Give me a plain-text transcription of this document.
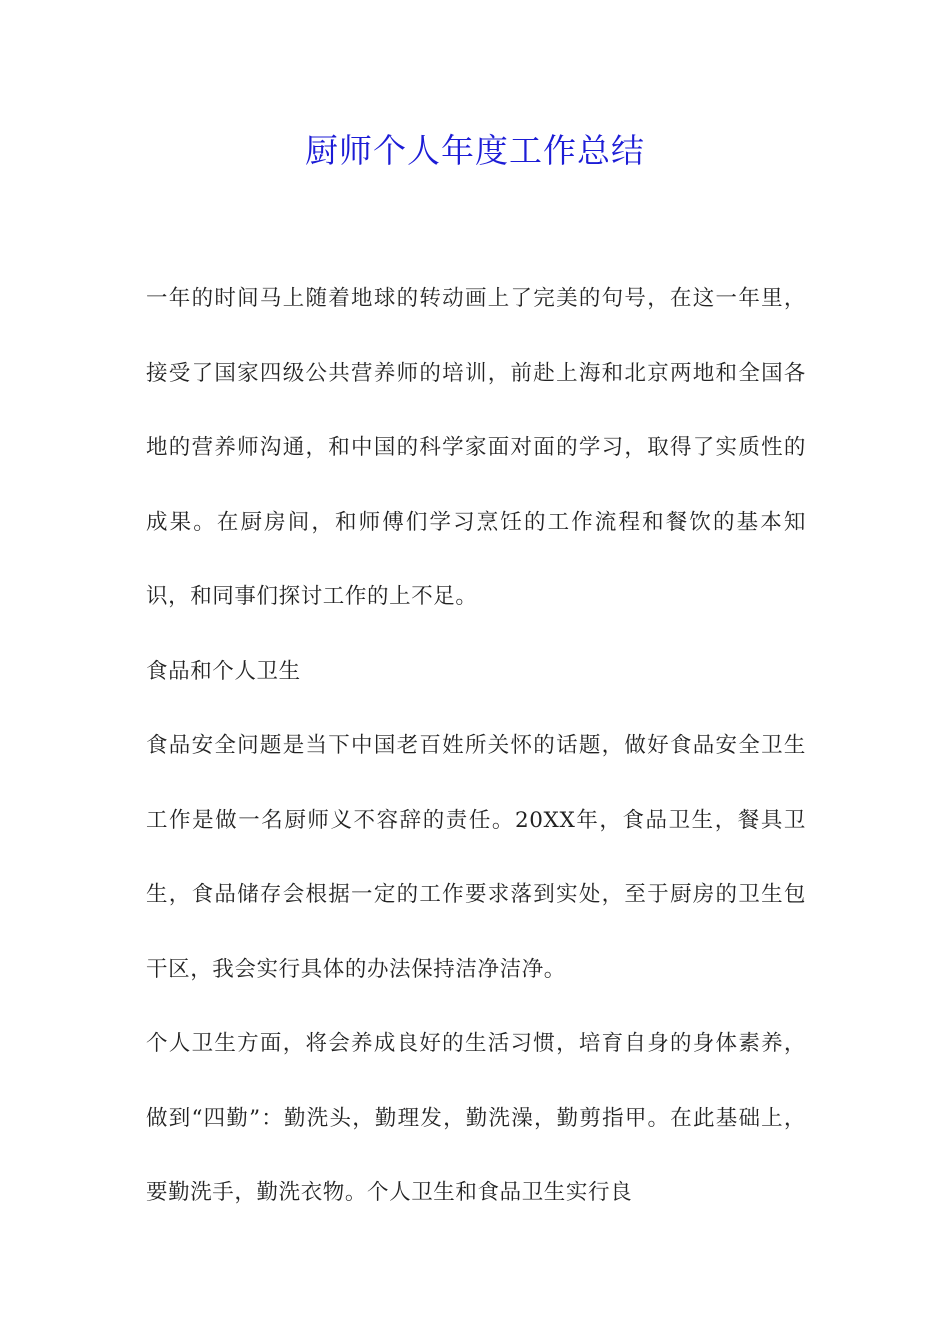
厨师个人年度工作总结

一年的时间马上随着地球的转动画上了完美的句号，在这一年里，接受了国家四级公共营养师的培训，前赴上海和北京两地和全国各地的营养师沟通，和中国的科学家面对面的学习，取得了实质性的成果。在厨房间，和师傅们学习烹饪的工作流程和餐饮的基本知识，和同事们探讨工作的上不足。

食品和个人卫生

食品安全问题是当下中国老百姓所关怀的话题，做好食品安全卫生工作是做一名厨师义不容辞的责任。20XX年，食品卫生，餐具卫生，食品储存会根据一定的工作要求落到实处，至于厨房的卫生包干区，我会实行具体的办法保持洁净洁净。

个人卫生方面，将会养成良好的生活习惯，培育自身的身体素养，做到“四勤”：勤洗头，勤理发，勤洗澡，勤剪指甲。在此基础上，要勤洗手，勤洗衣物。个人卫生和食品卫生实行良
